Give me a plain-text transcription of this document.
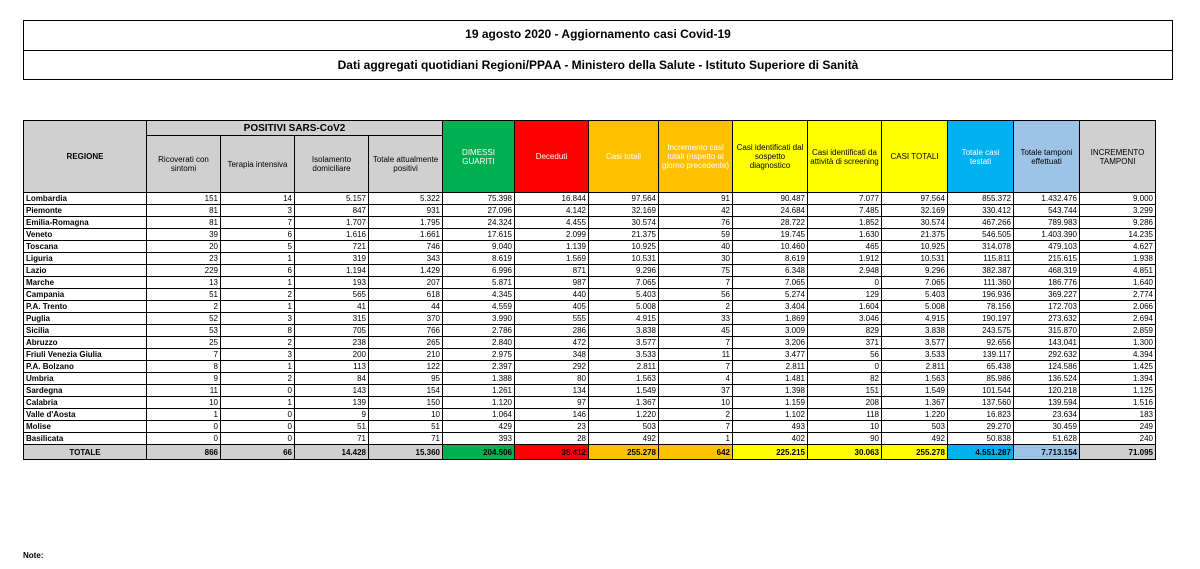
19 agosto 2020 - Aggiornamento casi Covid-19
Dati aggregati quotidiani Regioni/PPAA - Ministero della Salute - Istituto Superiore di Sanità
REGIONE	POSITIVI SARS-CoV2				DIMESSI GUARITI	Deceduti	Casi totali	Incremento casi totali (rispetto al giorno precedente)	Casi identificati dal sospetto diagnostico	Casi identificati da attività di screening	CASI TOTALI	Totale casi testati	Totale tamponi effettuati	INCREMENTO TAMPONI
	Ricoverati con sintomi	Terapia intensiva	Isolamento domiciliare	Totale attualmente positivi										
Lombardia	151	14	5.157	5.322	75.398	16.844	97.564	91	90.487	7.077	97.564	855.372	1.432.476	9.000
Piemonte	81	3	847	931	27.096	4.142	32.169	42	24.684	7.485	32.169	330.412	543.744	3.299
Emilia-Romagna	81	7	1.707	1.795	24.324	4.455	30.574	76	28.722	1.852	30.574	467.266	789.983	9.286
Veneto	39	6	1.616	1.661	17.615	2.099	21.375	59	19.745	1.630	21.375	546.505	1.403.390	14.235
Toscana	20	5	721	746	9.040	1.139	10.925	40	10.460	465	10.925	314.078	479.103	4.627
Liguria	23	1	319	343	8.619	1.569	10.531	30	8.619	1.912	10.531	115.811	215.615	1.938
Lazio	229	6	1.194	1.429	6.996	871	9.296	75	6.348	2.948	9.296	382.387	468.319	4.851
Marche	13	1	193	207	5.871	987	7.065	7	7.065	0	7.065	111.360	186.776	1.640
Campania	51	2	565	618	4.345	440	5.403	56	5.274	129	5.403	196.936	369.227	2.774
P.A. Trento	2	1	41	44	4.559	405	5.008	2	3.404	1.604	5.008	78.156	172.703	2.066
Puglia	52	3	315	370	3.990	555	4.915	33	1.869	3.046	4.915	190.197	273.632	2.694
Sicilia	53	8	705	766	2.786	286	3.838	45	3.009	829	3.838	243.575	315.870	2.859
Abruzzo	25	2	238	265	2.840	472	3.577	7	3.206	371	3.577	92.656	143.041	1.300
Friuli Venezia Giulia	7	3	200	210	2.975	348	3.533	11	3.477	56	3.533	139.117	292.632	4.394
P.A. Bolzano	8	1	113	122	2.397	292	2.811	7	2.811	0	2.811	65.438	124.586	1.425
Umbria	9	2	84	95	1.388	80	1.563	4	1.481	82	1.563	85.986	136.524	1.394
Sardegna	11	0	143	154	1.261	134	1.549	37	1.398	151	1.549	101.544	120.218	1.125
Calabria	10	1	139	150	1.120	97	1.367	10	1.159	208	1.367	137.560	139.594	1.516
Valle d'Aosta	1	0	9	10	1.064	146	1.220	2	1.102	118	1.220	16.823	23.634	183
Molise	0	0	51	51	429	23	503	7	493	10	503	29.270	30.459	249
Basilicata	0	0	71	71	393	28	492	1	402	90	492	50.838	51.628	240
TOTALE	866	66	14.428	15.360	204.506	35.412	255.278	642	225.215	30.063	255.278	4.551.287	7.713.154	71.095
Note:
